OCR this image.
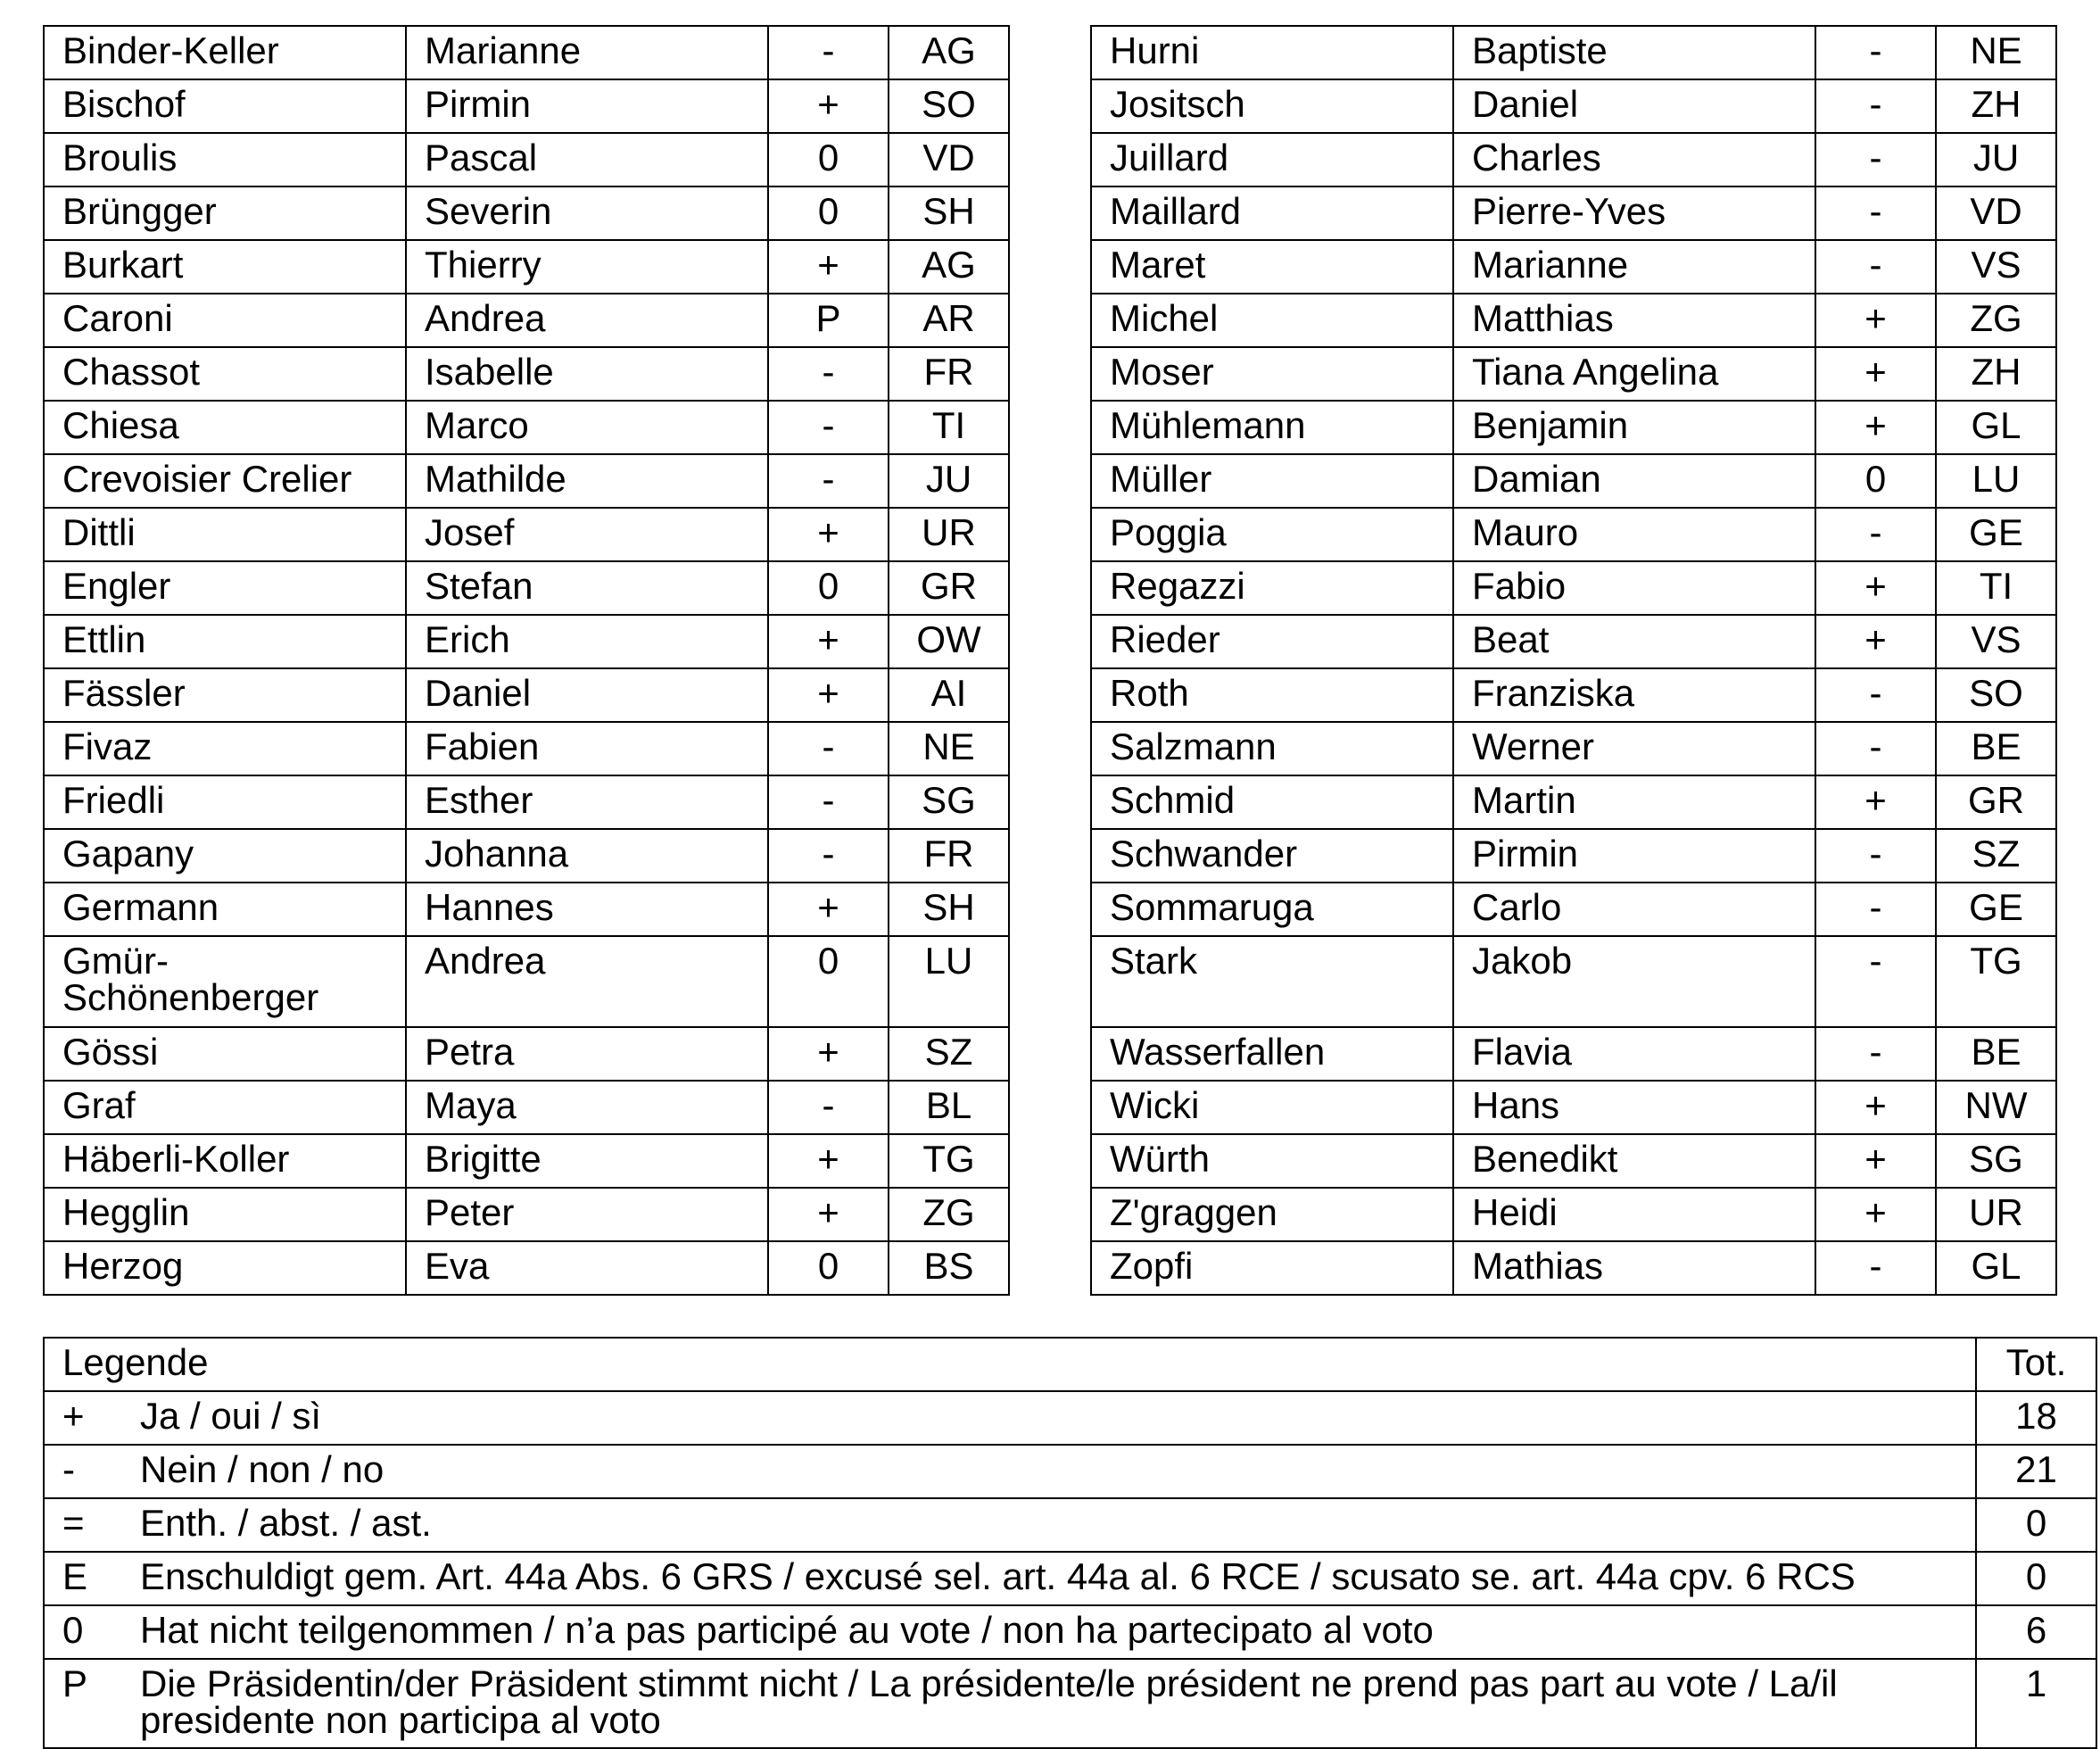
Binder-Keller	Marianne	-	AG
Bischof	Pirmin	+	SO
Broulis	Pascal	0	VD
Brüngger	Severin	0	SH
Burkart	Thierry	+	AG
Caroni	Andrea	P	AR
Chassot	Isabelle	-	FR
Chiesa	Marco	-	TI
Crevoisier Crelier	Mathilde	-	JU
Dittli	Josef	+	UR
Engler	Stefan	0	GR
Ettlin	Erich	+	OW
Fässler	Daniel	+	AI
Fivaz	Fabien	-	NE
Friedli	Esther	-	SG
Gapany	Johanna	-	FR
Germann	Hannes	+	SH
Gmür-Schönenberger	Andrea	0	LU
Gössi	Petra	+	SZ
Graf	Maya	-	BL
Häberli-Koller	Brigitte	+	TG
Hegglin	Peter	+	ZG
Herzog	Eva	0	BS
Hurni	Baptiste	-	NE
Jositsch	Daniel	-	ZH
Juillard	Charles	-	JU
Maillard	Pierre-Yves	-	VD
Maret	Marianne	-	VS
Michel	Matthias	+	ZG
Moser	Tiana Angelina	+	ZH
Mühlemann	Benjamin	+	GL
Müller	Damian	0	LU
Poggia	Mauro	-	GE
Regazzi	Fabio	+	TI
Rieder	Beat	+	VS
Roth	Franziska	-	SO
Salzmann	Werner	-	BE
Schmid	Martin	+	GR
Schwander	Pirmin	-	SZ
Sommaruga	Carlo	-	GE
Stark	Jakob	-	TG
Wasserfallen	Flavia	-	BE
Wicki	Hans	+	NW
Würth	Benedikt	+	SG
Z'graggen	Heidi	+	UR
Zopfi	Mathias	-	GL
Legende		Tot.
+	Ja / oui / sì	18
-	Nein / non / no	21
=	Enth. / abst. / ast.	0
E	Enschuldigt gem. Art. 44a Abs. 6 GRS / excusé sel. art. 44a al. 6 RCE / scusato se. art. 44a cpv. 6 RCS	0
0	Hat nicht teilgenommen / n’a pas participé au vote / non ha partecipato al voto	6
P	Die Präsidentin/der Präsident stimmt nicht / La présidente/le président ne prend pas part au vote / La/il presidente non participa al voto	1
